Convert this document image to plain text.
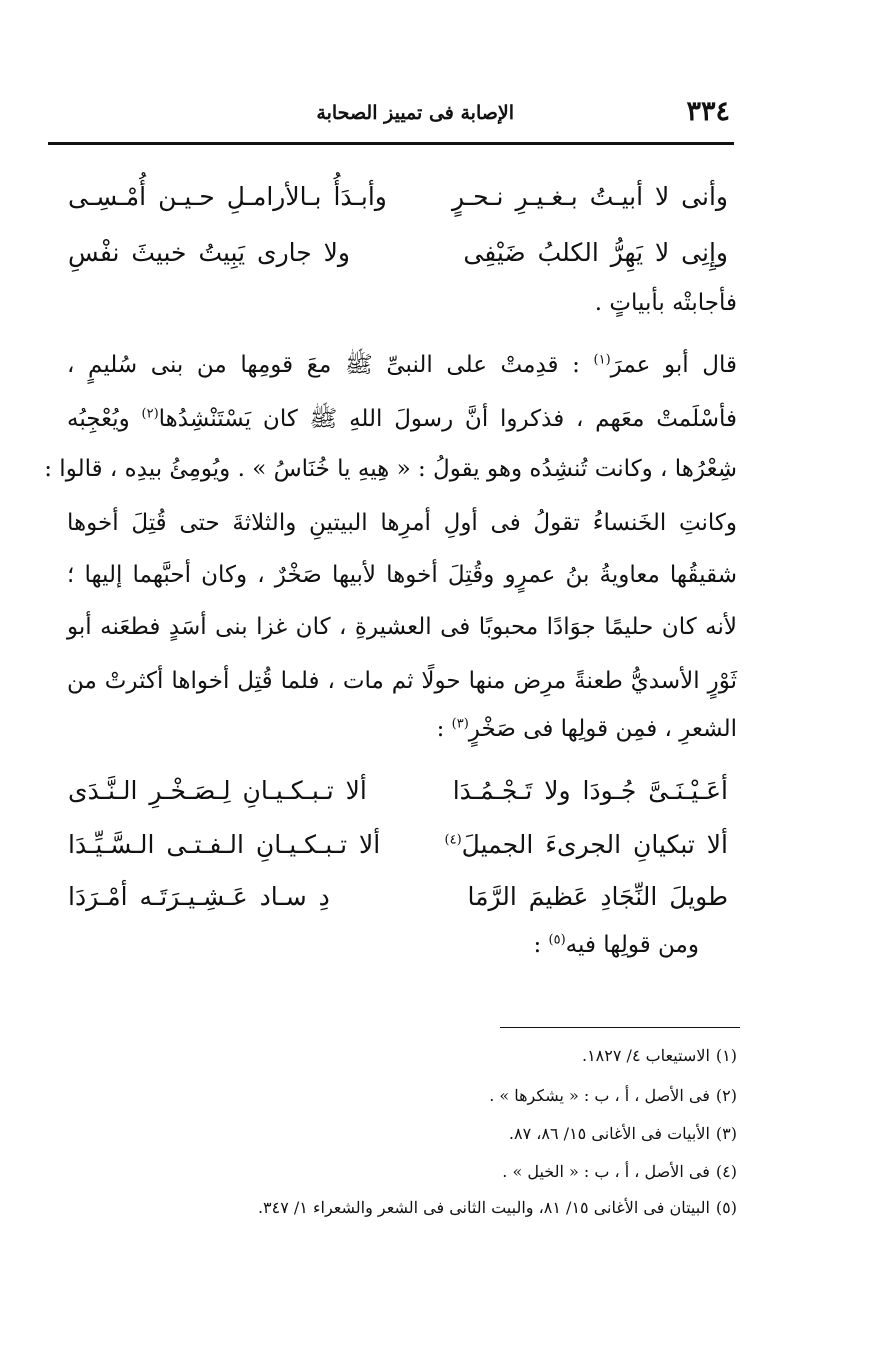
٣٣٤
الإصابة فى تمييز الصحابة
وأنى لا أبيـتُ بـغـيـرِ نـحـرٍ
وأبـدَأُ بـالأرامـلِ حـيـن أُمْـسِـى
وإِنِى لا يَهِرُّ الكلبُ ضَيْفِى
ولا جارى يَبِيتُ خبيثَ نفْسِ
فأجابتْه بأبياتٍ .
قال أبو عمرَ$^{(١)}$ : قدِمتْ على النبىِّ ﷺ معَ قومِها من بنى سُليمٍ ،
فأسْلَمتْ معَهم ، فذكروا أنَّ رسولَ اللهِ ﷺ كان يَسْتَنْشِدُها$^{(٢)}$ ويُعْجِبُه
شِعْرُها ، وكانت تُنشِدُه وهو يقولُ : « هِيهِ يا خُنَاسُ » . ويُومِئُ بيدِه ، قالوا :
وكانتِ الخَنساءُ تقولُ فى أولِ أمرِها البيتينِ والثلاثةَ حتى قُتِلَ أخوها
شقيقُها معاويةُ بنُ عمرٍو وقُتِلَ أخوها لأبيها صَخْرٌ ، وكان أحبَّهما إليها ؛
لأنه كان حليمًا جوَادًا محبوبًا فى العشيرةِ ، كان غزا بنى أسَدٍ فطعَنه أبو
ثَوْرٍ الأسديُّ طعنةً مرِض منها حولًا ثم مات ، فلما قُتِل أخواها أكثرتْ من
الشعرِ ، فمِن قولِها فى صَخْرٍ$^{(٣)}$ :
أعَـيْـنَـىَّ جُـودَا ولا تَـجْـمُـدَا
ألا تـبـكـيـانِ لِـصَـخْـرِ الـنَّـدَى
ألا تبكيانِ الجرىءَ الجميلَ$^{(٤)}$
ألا تـبـكـيـانِ الـفـتـى الـسَّـيِّـدَا
طويلَ النِّجَادِ عَظيمَ الرَّمَا
دِ سـاد عَـشِـيـرَتَـه أمْـرَدَا
ومن قولِها فيه$^{(٥)}$ :
(١)الاستيعاب ٤/ ١٨٢٧.
(٢)فى الأصل ، أ ، ب : « يشكرها » .
(٣)الأبيات فى الأغانى ١٥/ ٨٦، ٨٧.
(٤)فى الأصل ، أ ، ب : « الخيل » .
(٥)البيتان فى الأغانى ١٥/ ٨١، والبيت الثانى فى الشعر والشعراء ١/ ٣٤٧.
